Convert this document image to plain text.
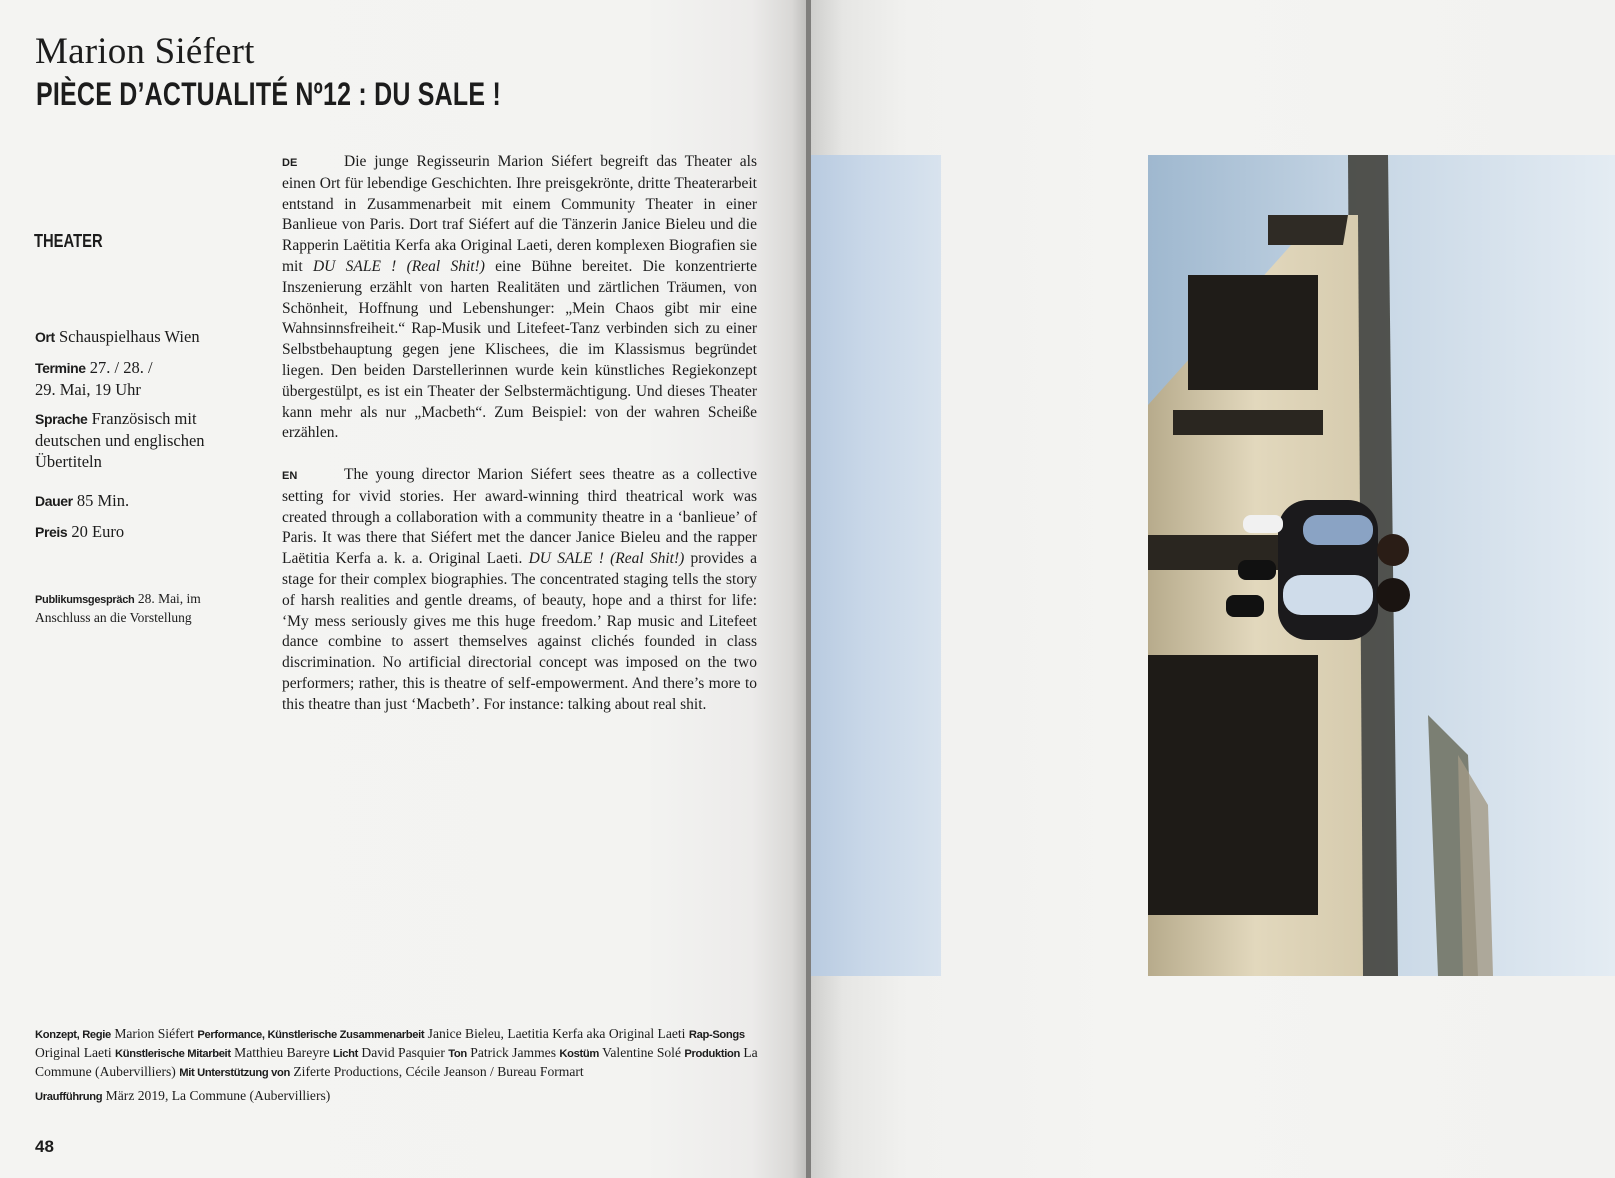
Marion Siéfert
PIÈCE D’ACTUALITÉ Nº12 : DU SALE !
THEATER
Ort Schauspielhaus Wien
Termine 27. / 28. / 29. Mai, 19 Uhr
Sprache Französisch mit deutschen und englischen Übertiteln
Dauer 85 Min.
Preis 20 Euro
Publikumsgespräch 28. Mai, im Anschluss an die Vorstellung
DE	Die junge Regisseurin Marion Siéfert begreift das Theater als einen Ort für lebendige Geschichten. Ihre preisgekrönte, dritte Theaterarbeit entstand in Zusammenarbeit mit einem Community Theater in einer Banlieue von Paris. Dort traf Siéfert auf die Tänzerin Janice Bieleu und die Rapperin Laëtitia Kerfa aka Original Laeti, deren komplexen Biografien sie mit DU SALE ! (Real Shit!) eine Bühne bereitet. Die konzentrierte Inszenierung erzählt von harten Realitäten und zärtlichen Träumen, von Schönheit, Hoffnung und Lebenshunger: „Mein Chaos gibt mir eine Wahnsinnsfreiheit.“ Rap-Musik und Litefeet-Tanz verbinden sich zu einer Selbstbehauptung gegen jene Klischees, die im Klassismus begründet liegen. Den beiden Darstellerinnen wurde kein künstliches Regiekonzept übergestülpt, es ist ein Theater der Selbstermächtigung. Und dieses Theater kann mehr als nur „Macbeth“. Zum Beispiel: von der wahren Scheiße erzählen.
EN	The young director Marion Siéfert sees theatre as a collective setting for vivid stories. Her award-winning third theatrical work was created through a collaboration with a community theatre in a ‘banlieue’ of Paris. It was there that Siéfert met the dancer Janice Bieleu and the rapper Laëtitia Kerfa a. k. a. Original Laeti. DU SALE ! (Real Shit!) provides a stage for their complex biographies. The concentrated staging tells the story of harsh realities and gentle dreams, of beauty, hope and a thirst for life: ‘My mess seriously gives me this huge freedom.’ Rap music and Litefeet dance combine to assert themselves against clichés founded in class discrimination. No artificial directorial concept was imposed on the two performers; rather, this is theatre of self-empowerment. And there’s more to this theatre than just ‘Macbeth’. For instance: talking about real shit.
Konzept, Regie Marion Siéfert Performance, Künstlerische Zusammenarbeit Janice Bieleu, Laetitia Kerfa aka Original Laeti Rap-Songs Original Laeti Künstlerische Mitarbeit Matthieu Bareyre Licht David Pasquier Ton Patrick Jammes Kostüm Valentine Solé Produktion La Commune (Aubervilliers) Mit Unterstützung von Ziferte Productions, Cécile Jeanson / Bureau Formart
Uraufführung März 2019, La Commune (Aubervilliers)
48
